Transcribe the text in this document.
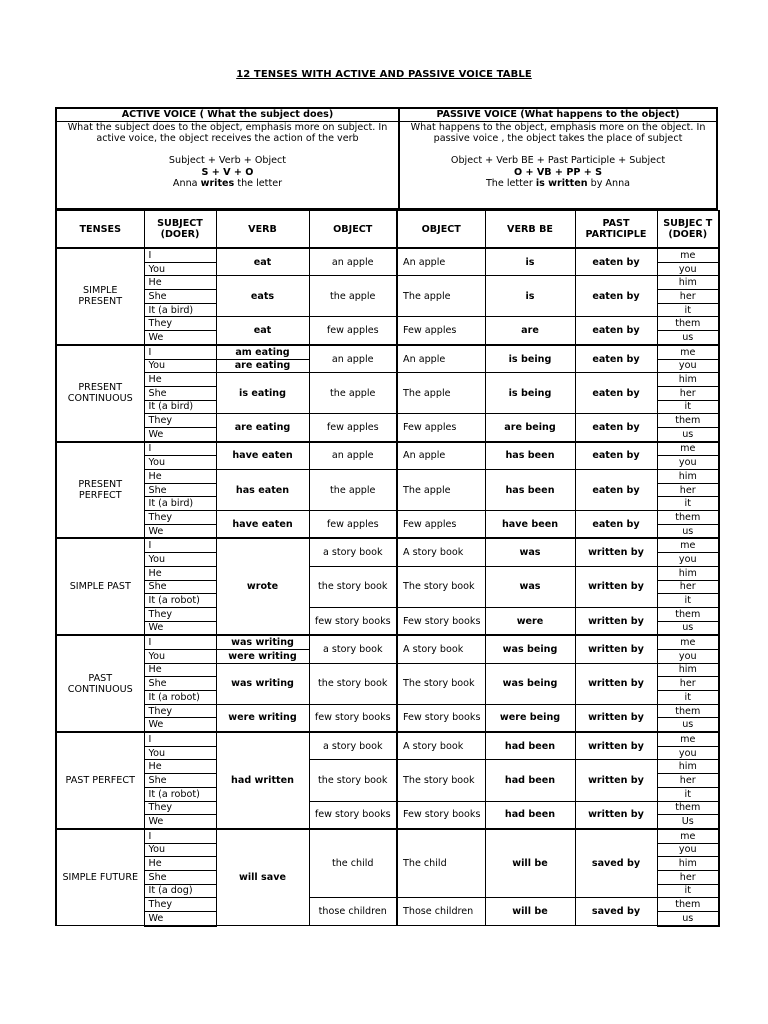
12 TENSES WITH ACTIVE AND PASSIVE VOICE TABLE
ACTIVE VOICE ( What the subject does)
What the subject does to the object, emphasis more on subject. In active voice, the object receives the action of the verb
Subject + Verb + Object
S + V + O
Anna writes the letter
PASSIVE VOICE (What happens to the object)
What happens to the object, emphasis more on the object. In passive voice , the object takes the place of subject
Object + Verb BE + Past Participle + Subject
O + VB + PP + S
The letter is written by Anna
TENSES	SUBJECT (DOER)	VERB	OBJECT	OBJECT	VERB BE	PAST PARTICIPLE	SUBJEC T (DOER)
SIMPLE PRESENT	I	eat	an apple	An apple	is	eaten by	me
	You						you
	He	eats	the apple	The apple	is	eaten by	him
	She						her
	It (a bird)						it
	They	eat	few apples	Few apples	are	eaten by	them
	We						us
PRESENT CONTINUOUS	I	am eating	an apple	An apple	is being	eaten by	me
	You	are eating					you
	He	is eating	the apple	The apple	is being	eaten by	him
	She						her
	It (a bird)						it
	They	are eating	few apples	Few apples	are being	eaten by	them
	We						us
PRESENT PERFECT	I	have eaten	an apple	An apple	has been	eaten by	me
	You						you
	He	has eaten	the apple	The apple	has been	eaten by	him
	She						her
	It (a bird)						it
	They	have eaten	few apples	Few apples	have been	eaten by	them
	We						us
SIMPLE PAST	I	wrote	a story book	A story book	was	written by	me
	You						you
	He		the story book	The story book	was	written by	him
	She						her
	It (a robot)						it
	They		few story books	Few story books	were	written by	them
	We						us
PAST CONTINUOUS	I	was writing	a story book	A story book	was being	written by	me
	You	were writing					you
	He	was writing	the story book	The story book	was being	written by	him
	She						her
	It (a robot)						it
	They	were writing	few story books	Few story books	were being	written by	them
	We						us
PAST PERFECT	I	had written	a story book	A story book	had been	written by	me
	You						you
	He		the story book	The story book	had been	written by	him
	She						her
	It (a robot)						it
	They		few story books	Few story books	had been	written by	them
	We						Us
SIMPLE FUTURE	I	will save	the child	The child	will be	saved by	me
	You						you
	He						him
	She						her
	It (a dog)						it
	They		those children	Those children	will be	saved by	them
	We						us
